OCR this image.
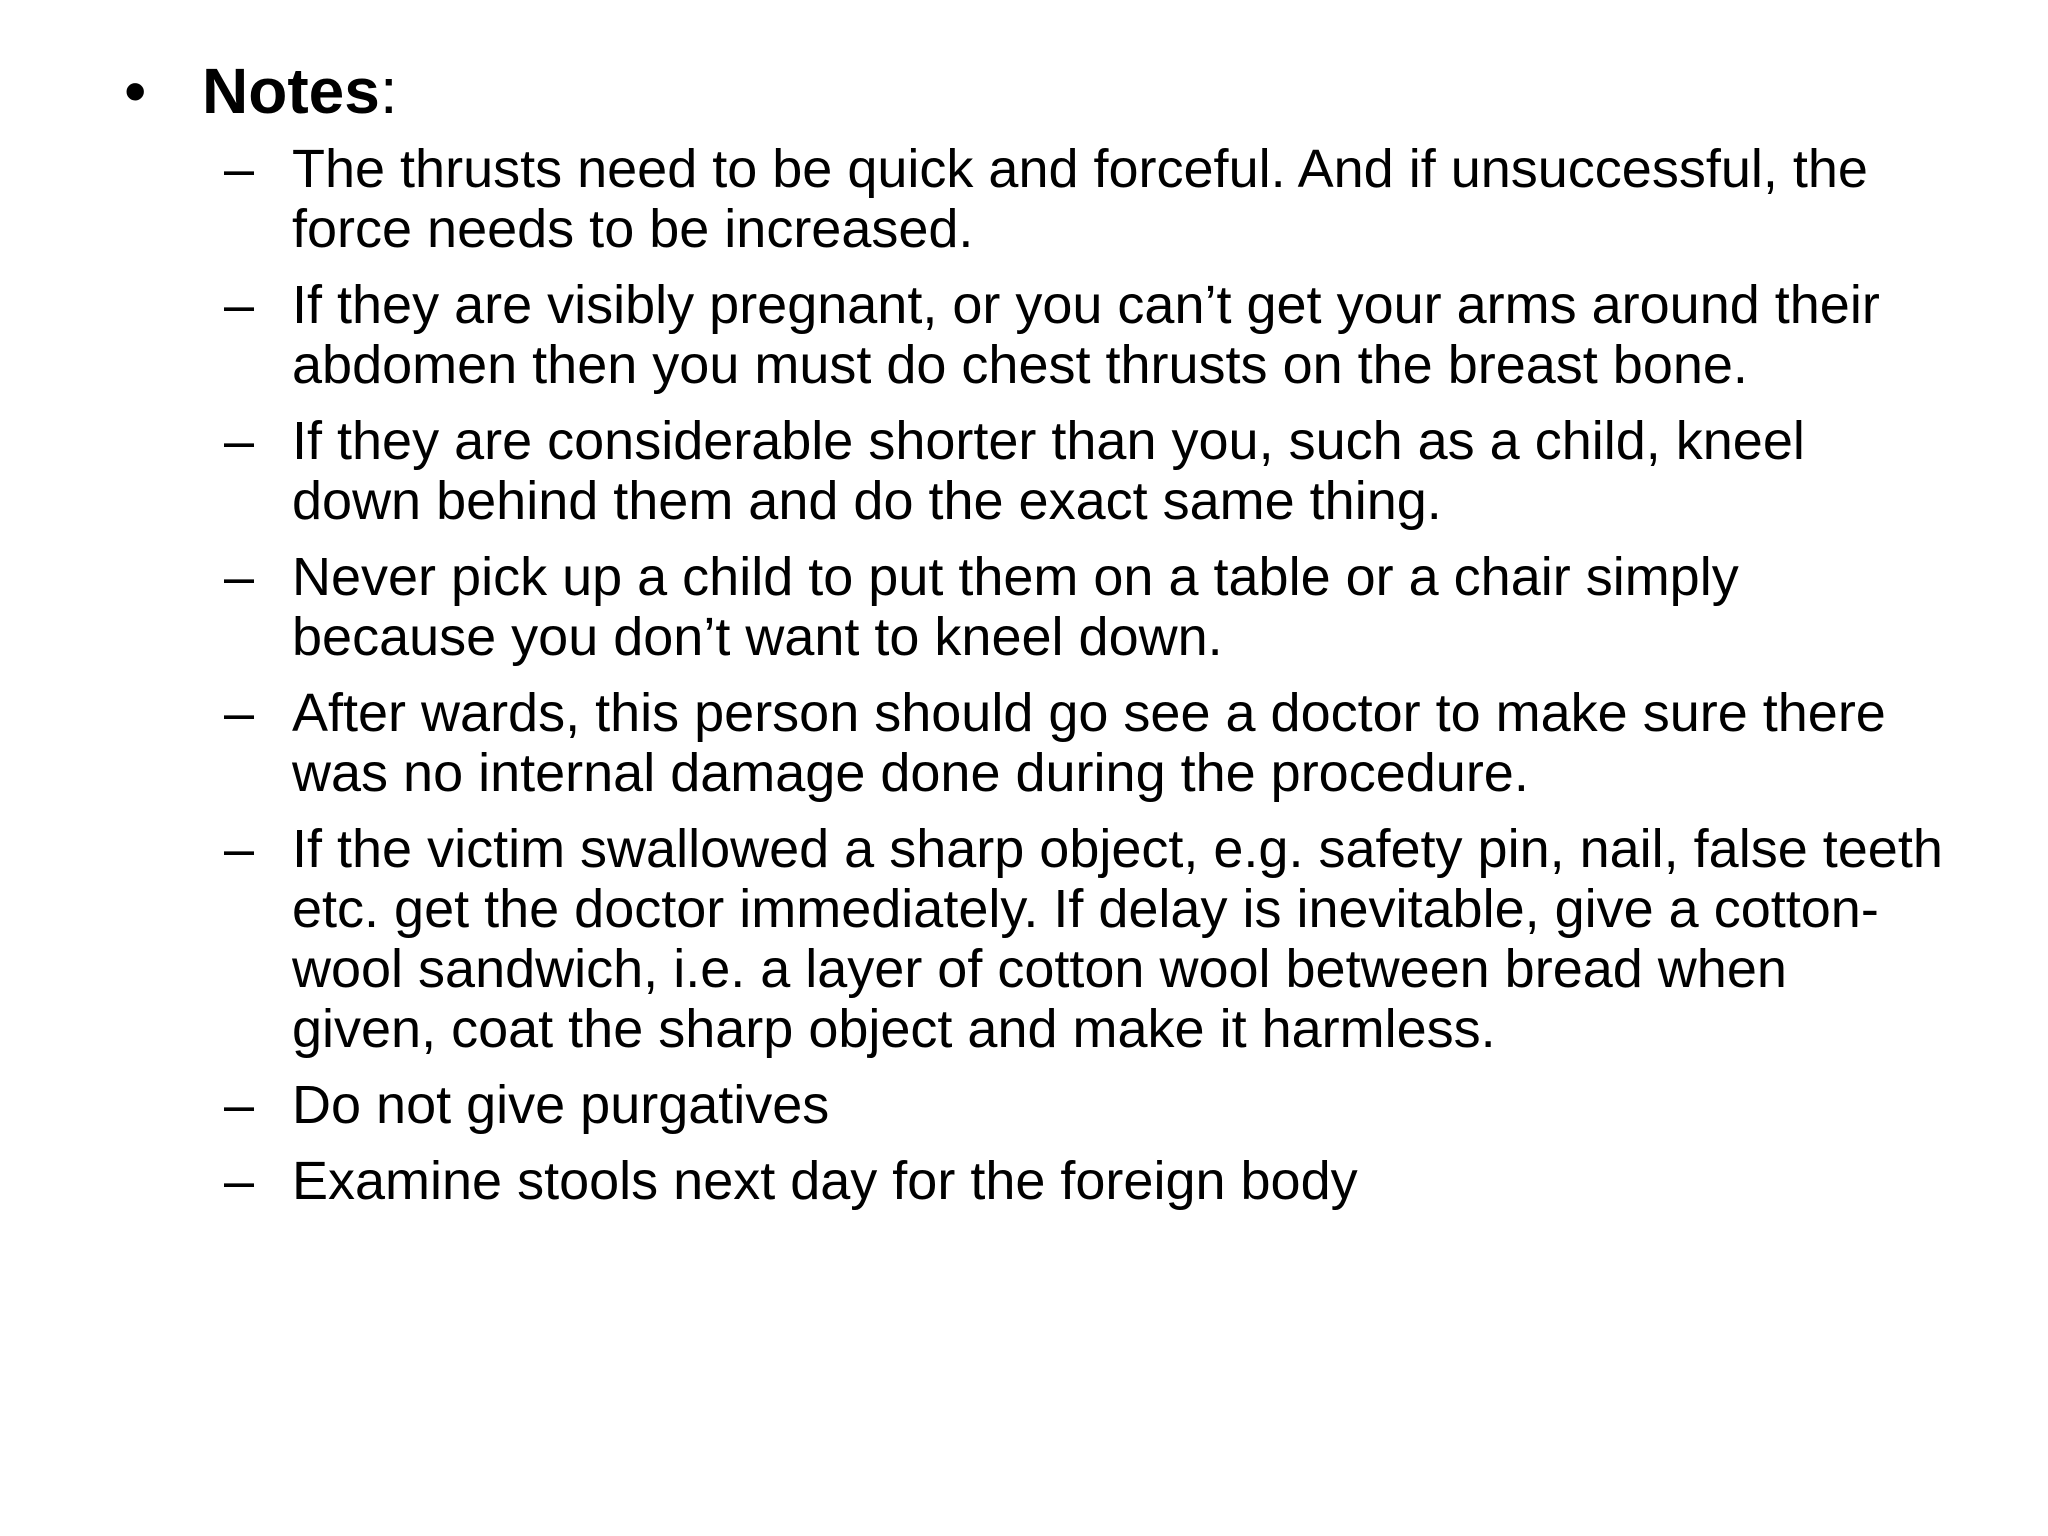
• Notes:
– The thrusts need to be quick and forceful. And if unsuccessful, the force needs to be increased.
– If they are visibly pregnant, or you can’t get your arms around their abdomen then you must do chest thrusts on the breast bone.
– If they are considerable shorter than you, such as a child, kneel down behind them and do the exact same thing.
– Never pick up a child to put them on a table or a chair simply because you don’t want to kneel down.
– After wards, this person should go see a doctor to make sure there was no internal damage done during the procedure.
– If the victim swallowed a sharp object, e.g. safety pin, nail, false teeth etc. get the doctor immediately. If delay is inevitable, give a cotton- wool sandwich, i.e. a layer of cotton wool between bread when given, coat the sharp object and make it harmless.
– Do not give purgatives
– Examine stools next day for the foreign body
